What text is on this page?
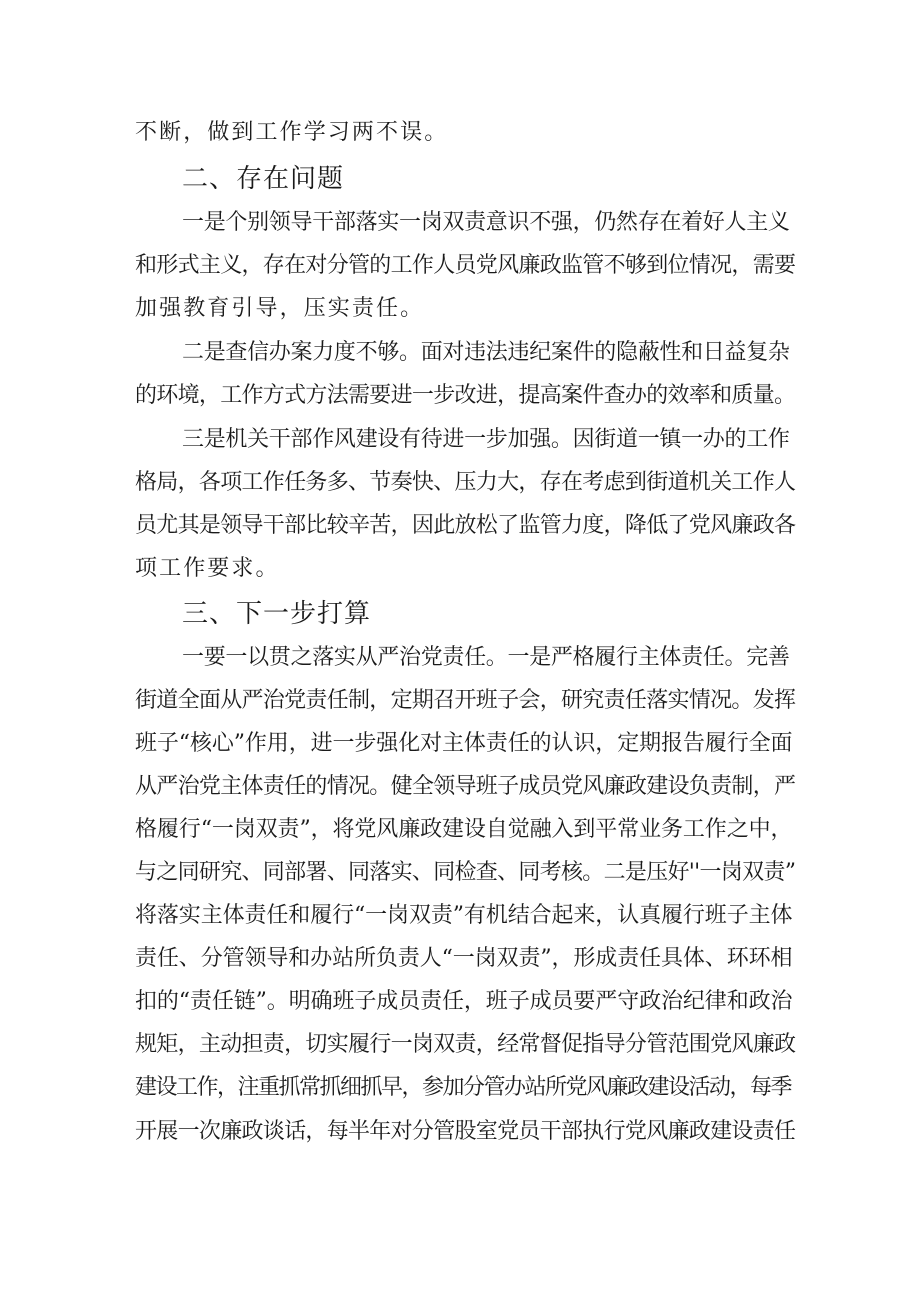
不断，做到工作学习两不误。
二、存在问题
一是个别领导干部落实一岗双责意识不强，仍然存在着好人主义
和形式主义，存在对分管的工作人员党风廉政监管不够到位情况，需要
加强教育引导，压实责任。
二是查信办案力度不够。面对违法违纪案件的隐蔽性和日益复杂
的环境，工作方式方法需要进一步改进，提高案件查办的效率和质量。
三是机关干部作风建设有待进一步加强。因街道一镇一办的工作
格局，各项工作任务多、节奏快、压力大，存在考虑到街道机关工作人
员尤其是领导干部比较辛苦，因此放松了监管力度，降低了党风廉政各
项工作要求。
三、下一步打算
一要一以贯之落实从严治党责任。一是严格履行主体责任。完善
街道全面从严治党责任制，定期召开班子会，研究责任落实情况。发挥
班子“核心”作用，进一步强化对主体责任的认识，定期报告履行全面
从严治党主体责任的情况。健全领导班子成员党风廉政建设负责制，严
格履行“一岗双责”，将党风廉政建设自觉融入到平常业务工作之中，
与之同研究、同部署、同落实、同检查、同考核。二是压好''一岗双责”
将落实主体责任和履行“一岗双责”有机结合起来，认真履行班子主体
责任、分管领导和办站所负责人“一岗双责”，形成责任具体、环环相
扣的“责任链”。明确班子成员责任，班子成员要严守政治纪律和政治
规矩，主动担责，切实履行一岗双责，经常督促指导分管范围党风廉政
建设工作，注重抓常抓细抓早，参加分管办站所党风廉政建设活动，每季
开展一次廉政谈话，每半年对分管股室党员干部执行党风廉政建设责任
